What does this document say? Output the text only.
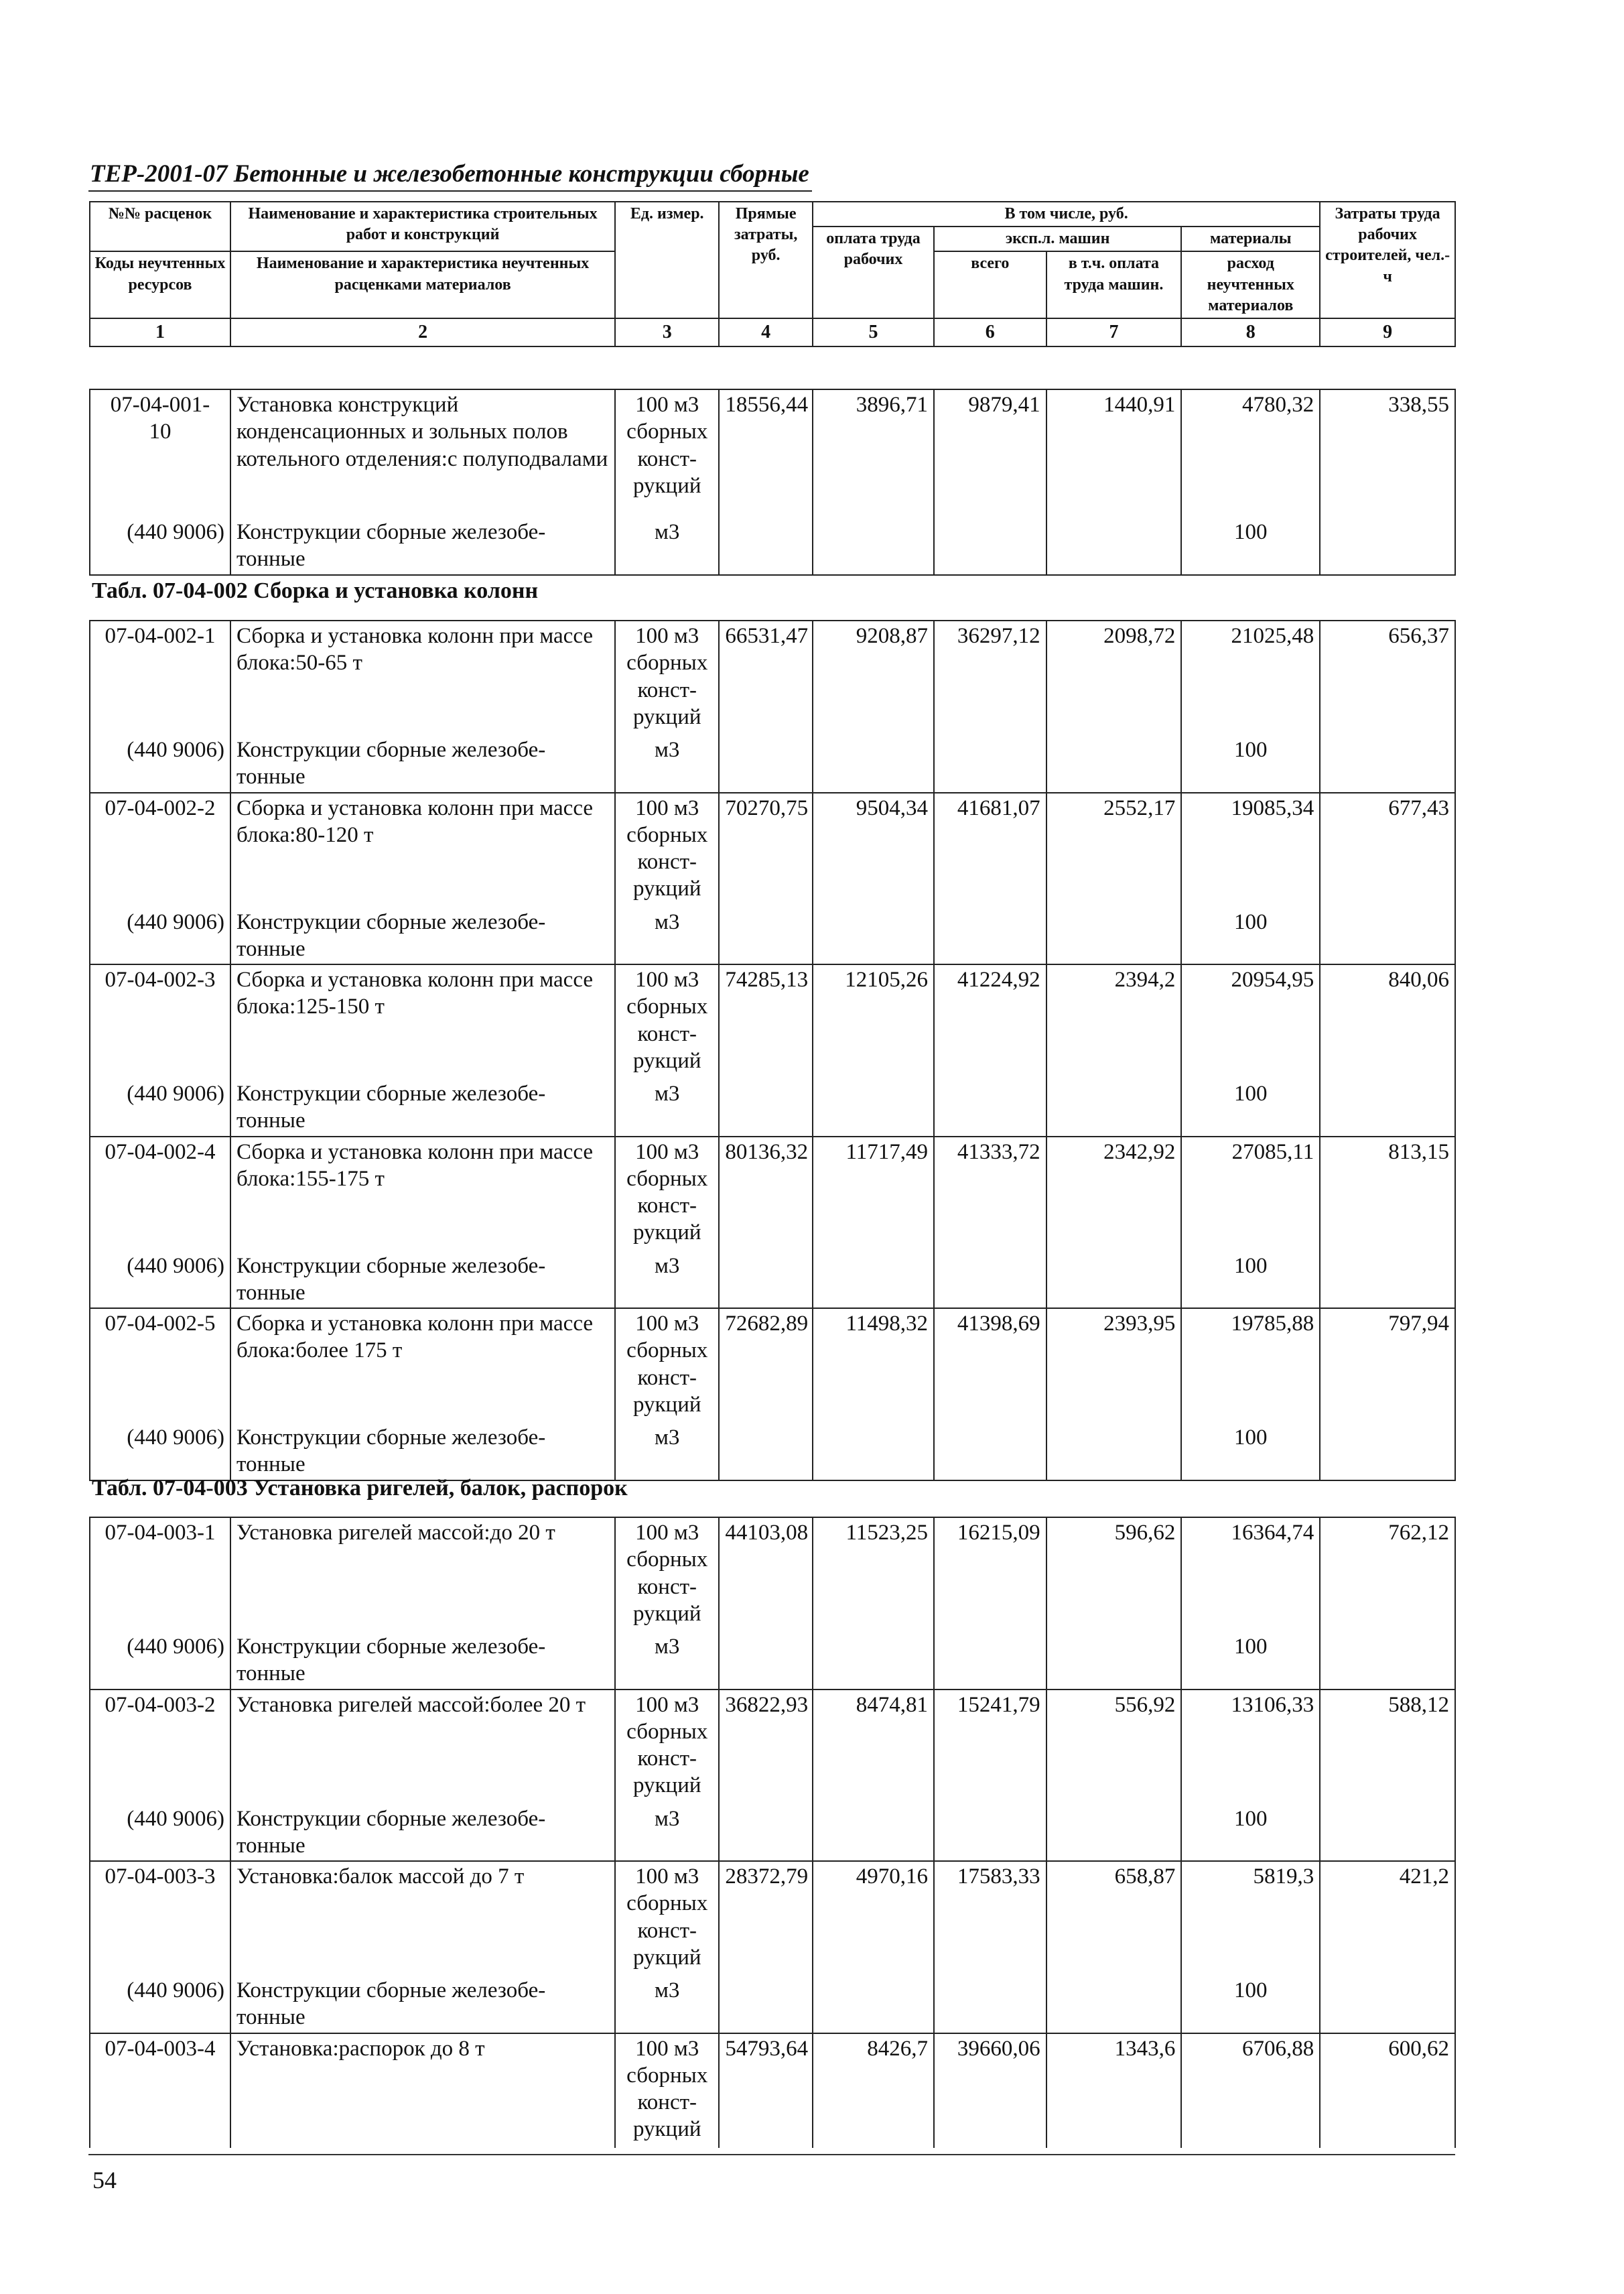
ТЕР-2001-07 Бетонные и железобетонные конструкции сборные
№№ расценок	Наименование и характеристика строительных работ и конструкций	Ед. измер.	Прямые затраты, руб.	В том числе, руб.				Затраты труда рабочих строителей, чел.-ч
				оплата труда рабочих	эксп.л. машин		материалы	
Коды неучтенных ресурсов	Наименование и характеристика неучтенных расценками материалов				всего	в т.ч. оплата труда машин.	расход неучтенных материалов	
1	2	3	4	5	6	7	8	9
07-04-001-
10	Установка конструкций конденсационных и зольных полов котельного отделения:с полуподвалами	100 м3 сборных конст-рукций	18556,44	3896,71	9879,41	1440,91	4780,32	338,55
(440 9006)	Конструкции сборные железобе-тонные	м3					100	
Табл. 07-04-002 Сборка и установка колонн
07-04-002-1	Сборка и установка колонн при массе блока:50-65 т	100 м3 сборных конст-рукций	66531,47	9208,87	36297,12	2098,72	21025,48	656,37
(440 9006)	Конструкции сборные железобе-тонные	м3					100	
07-04-002-2	Сборка и установка колонн при массе блока:80-120 т	100 м3 сборных конст-рукций	70270,75	9504,34	41681,07	2552,17	19085,34	677,43
(440 9006)	Конструкции сборные железобе-тонные	м3					100	
07-04-002-3	Сборка и установка колонн при массе блока:125-150 т	100 м3 сборных конст-рукций	74285,13	12105,26	41224,92	2394,2	20954,95	840,06
(440 9006)	Конструкции сборные железобе-тонные	м3					100	
07-04-002-4	Сборка и установка колонн при массе блока:155-175 т	100 м3 сборных конст-рукций	80136,32	11717,49	41333,72	2342,92	27085,11	813,15
(440 9006)	Конструкции сборные железобе-тонные	м3					100	
07-04-002-5	Сборка и установка колонн при массе блока:более 175 т	100 м3 сборных конст-рукций	72682,89	11498,32	41398,69	2393,95	19785,88	797,94
(440 9006)	Конструкции сборные железобе-тонные	м3					100	
Табл. 07-04-003 Установка ригелей, балок, распорок
07-04-003-1	Установка ригелей массой:до 20 т	100 м3 сборных конст-рукций	44103,08	11523,25	16215,09	596,62	16364,74	762,12
(440 9006)	Конструкции сборные железобе-тонные	м3					100	
07-04-003-2	Установка ригелей массой:более 20 т	100 м3 сборных конст-рукций	36822,93	8474,81	15241,79	556,92	13106,33	588,12
(440 9006)	Конструкции сборные железобе-тонные	м3					100	
07-04-003-3	Установка:балок массой до 7 т	100 м3 сборных конст-рукций	28372,79	4970,16	17583,33	658,87	5819,3	421,2
(440 9006)	Конструкции сборные железобе-тонные	м3					100	
07-04-003-4	Установка:распорок до 8 т	100 м3 сборных конст-рукций	54793,64	8426,7	39660,06	1343,6	6706,88	600,62
54
